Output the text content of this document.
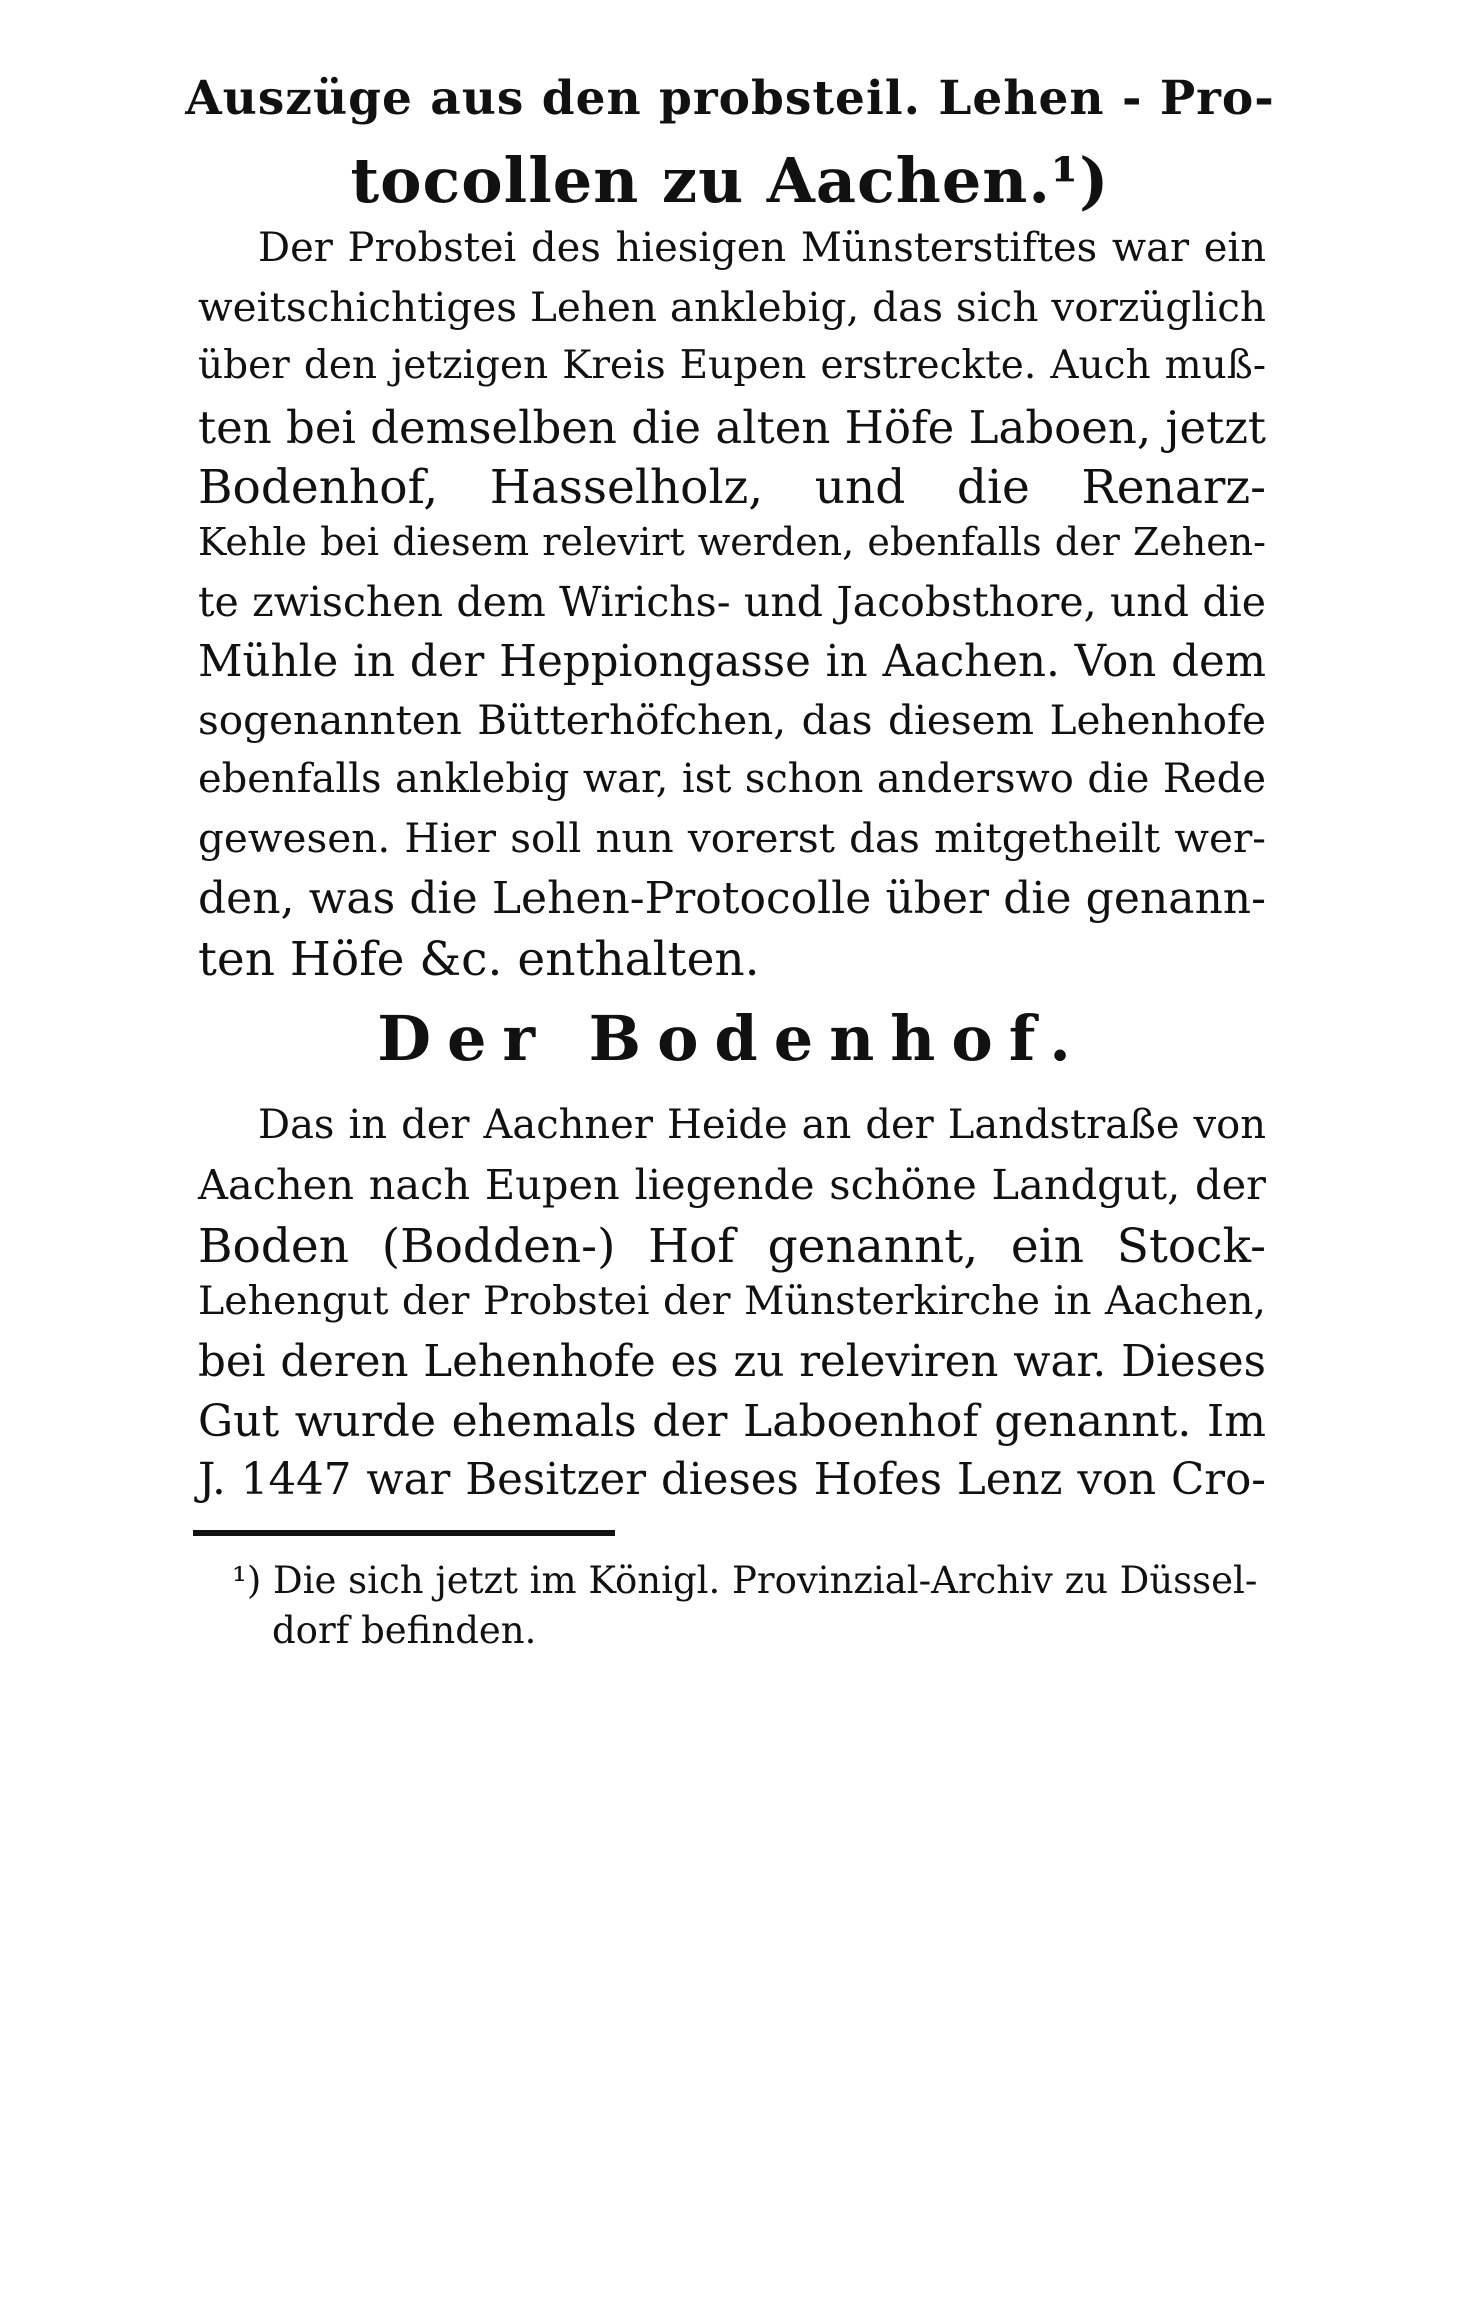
Auszüge aus den probsteil. Lehen - Pro-
tocollen zu Aachen.¹)
Der Probstei des hiesigen Münsterstiftes war ein
weitschichtiges Lehen anklebig, das sich vorzüglich
über den jetzigen Kreis Eupen erstreckte. Auch muß-
ten bei demselben die alten Höfe Laboen, jetzt
Bodenhof, Hasselholz, und die Renarz-
Kehle bei diesem relevirt werden, ebenfalls der Zehen-
te zwischen dem Wirichs- und Jacobsthore, und die
Mühle in der Heppiongasse in Aachen. Von dem
sogenannten Bütterhöfchen, das diesem Lehenhofe
ebenfalls anklebig war, ist schon anderswo die Rede
gewesen. Hier soll nun vorerst das mitgetheilt wer-
den, was die Lehen-Protocolle über die genann-
ten Höfe &c. enthalten.
Der Bodenhof.
Das in der Aachner Heide an der Landstraße von
Aachen nach Eupen liegende schöne Landgut, der
Boden (Bodden-) Hof genannt, ein Stock-
Lehengut der Probstei der Münsterkirche in Aachen,
bei deren Lehenhofe es zu releviren war. Dieses
Gut wurde ehemals der Laboenhof genannt. Im
J. 1447 war Besitzer dieses Hofes Lenz von Cro-
¹) Die sich jetzt im Königl. Provinzial-Archiv zu Düssel-
dorf befinden.
